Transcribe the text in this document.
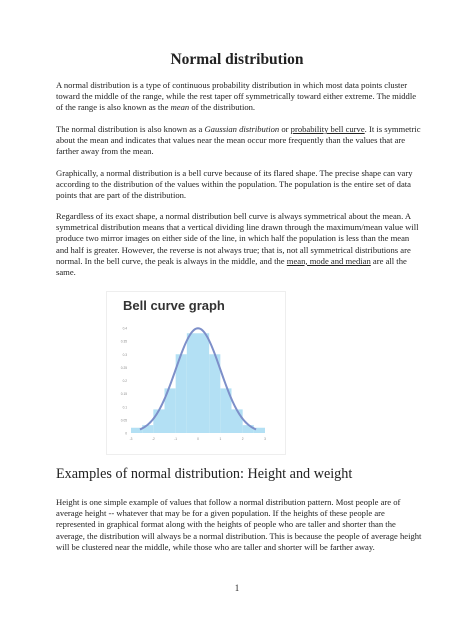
Normal distribution

A normal distribution is a type of continuous probability distribution in which most data points cluster toward the middle of the range, while the rest taper off symmetrically toward either extreme. The middle of the range is also known as the mean of the distribution.

The normal distribution is also known as a Gaussian distribution or probability bell curve. It is symmetric about the mean and indicates that values near the mean occur more frequently than the values that are farther away from the mean.

Graphically, a normal distribution is a bell curve because of its flared shape. The precise shape can vary according to the distribution of the values within the population. The population is the entire set of data points that are part of the distribution.

Regardless of its exact shape, a normal distribution bell curve is always symmetrical about the mean. A symmetrical distribution means that a vertical dividing line drawn through the maximum/mean value will produce two mirror images on either side of the line, in which half the population is less than the mean and half is greater. However, the reverse is not always true; that is, not all symmetrical distributions are normal. In the bell curve, the peak is always in the middle, and the mean, mode and median are all the same.

Bell curve graph
0
0.05
0.1
0.15
0.2
0.25
0.3
0.35
0.4
-3	-2	-1	0	1	2	3
Examples of normal distribution: Height and weight

Height is one simple example of values that follow a normal distribution pattern. Most people are of average height -- whatever that may be for a given population. If the heights of these people are represented in graphical format along with the heights of people who are taller and shorter than the average, the distribution will always be a normal distribution. This is because the people of average height will be clustered near the middle, while those who are taller and shorter will be farther away.

1
